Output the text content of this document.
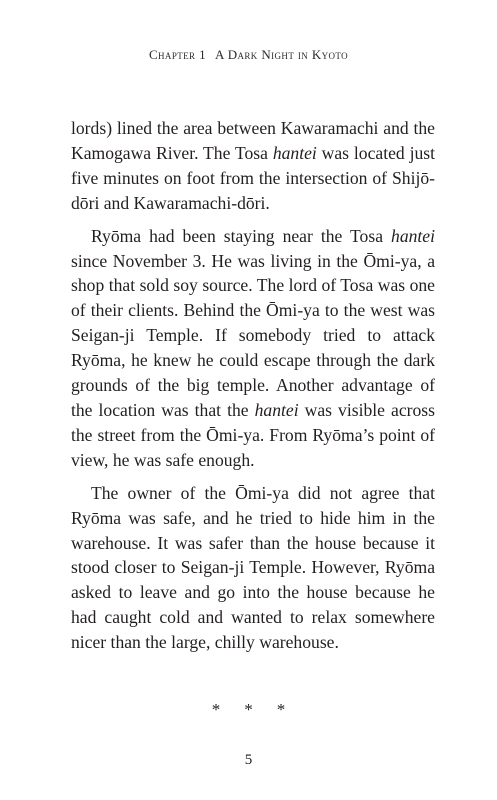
Chapter 1 A Dark Night in Kyoto

lords) lined the area between Kawaramachi and the Kamogawa River. The Tosa hantei was located just five minutes on foot from the intersection of Shijō-dōri and Kawaramachi-dōri.

Ryōma had been staying near the Tosa hantei since November 3. He was living in the Ōmi-ya, a shop that sold soy source. The lord of Tosa was one of their clients. Behind the Ōmi-ya to the west was Seigan-ji Temple. If somebody tried to attack Ryōma, he knew he could escape through the dark grounds of the big temple. Another advantage of the location was that the hantei was visible across the street from the Ōmi-ya. From Ryōma’s point of view, he was safe enough.

The owner of the Ōmi-ya did not agree that Ryōma was safe, and he tried to hide him in the warehouse. It was safer than the house because it stood closer to Seigan-ji Temple. However, Ryōma asked to leave and go into the house because he had caught cold and wanted to relax somewhere nicer than the large, chilly warehouse.

* * *
5
